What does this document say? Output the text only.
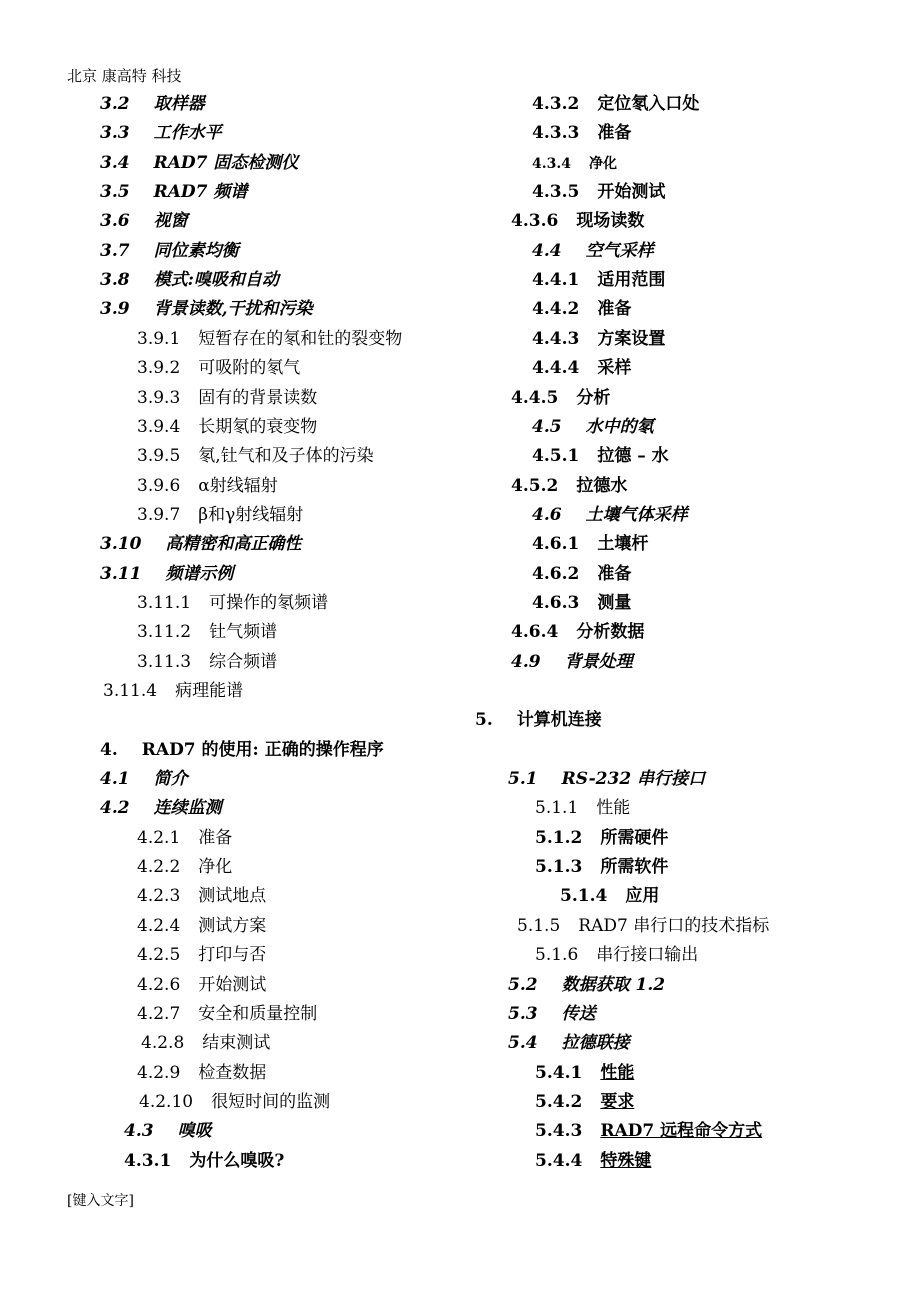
北京 康高特 科技
3.2 取样器
3.3 工作水平
3.4 RAD7 固态检测仪
3.5 RAD7 频谱
3.6 视窗
3.7 同位素均衡
3.8 模式:嗅吸和自动
3.9 背景读数,干扰和污染
3.9.1 短暂存在的氡和钍的裂变物
3.9.2 可吸附的氡气
3.9.3 固有的背景读数
3.9.4 长期氡的衰变物
3.9.5 氡,钍气和及子体的污染
3.9.6 α射线辐射
3.9.7 β和γ射线辐射
3.10 高精密和高正确性
3.11 频谱示例
3.11.1 可操作的氡频谱
3.11.2 钍气频谱
3.11.3 综合频谱
3.11.4 病理能谱
4. RAD7 的使用: 正确的操作程序
4.1 简介
4.2 连续监测
4.2.1 准备
4.2.2 净化
4.2.3 测试地点
4.2.4 测试方案
4.2.5 打印与否
4.2.6 开始测试
4.2.7 安全和质量控制
4.2.8 结束测试
4.2.9 检查数据
4.2.10 很短时间的监测
4.3 嗅吸
4.3.1 为什么嗅吸?
4.3.2 定位氡入口处
4.3.3 准备
4.3.4 净化
4.3.5 开始测试
4.3.6 现场读数
4.4 空气采样
4.4.1 适用范围
4.4.2 准备
4.4.3 方案设置
4.4.4 采样
4.4.5 分析
4.5 水中的氡
4.5.1 拉德 – 水
4.5.2 拉德水
4.6 土壤气体采样
4.6.1 土壤杆
4.6.2 准备
4.6.3 测量
4.6.4 分析数据
4.9 背景处理
5. 计算机连接
5.1 RS-232 串行接口
5.1.1 性能
5.1.2 所需硬件
5.1.3 所需软件
5.1.4 应用
5.1.5 RAD7 串行口的技术指标
5.1.6 串行接口输出
5.2 数据获取 1.2
5.3 传送
5.4 拉德联接
5.4.1 性能
5.4.2 要求
5.4.3 RAD7 远程命令方式
5.4.4 特殊键
[键入文字]
